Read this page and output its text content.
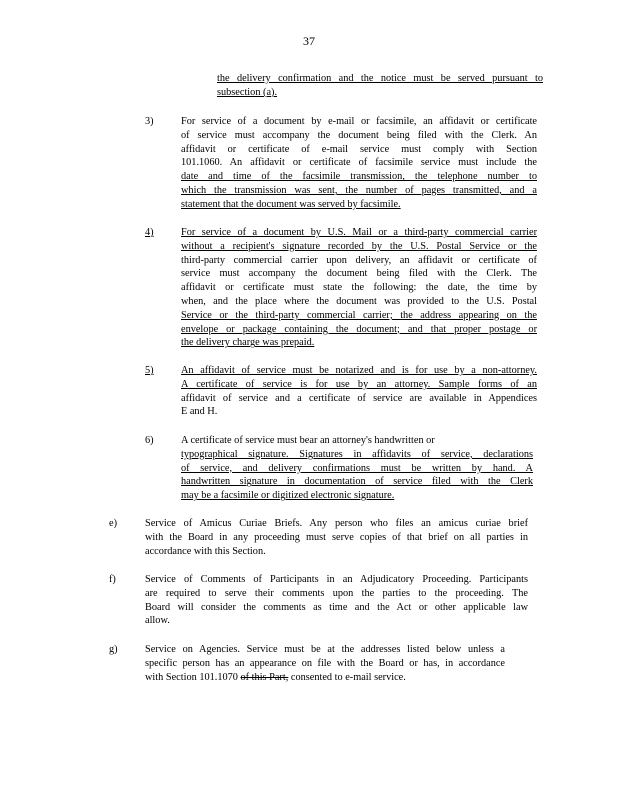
37
the delivery confirmation and the notice must be served pursuant to
subsection (a).
3)	For service of a document by e-mail or facsimile, an affidavit or certificate
of service must accompany the document being filed with the Clerk. An
affidavit or certificate of e-mail service must comply with Section
101.1060. An affidavit or certificate of facsimile service must include the
date and time of the facsimile transmission, the telephone number to
which the transmission was sent, the number of pages transmitted, and a
statement that the document was served by facsimile.
4)	For service of a document by U.S. Mail or a third-party commercial carrier
without a recipient's signature recorded by the U.S. Postal Service or the
third-party commercial carrier upon delivery, an affidavit or certificate of
service must accompany the document being filed with the Clerk. The
affidavit or certificate must state the following: the date, the time by
when, and the place where the document was provided to the U.S. Postal
Service or the third-party commercial carrier; the address appearing on the
envelope or package containing the document; and that proper postage or
the delivery charge was prepaid.
5)	An affidavit of service must be notarized and is for use by a non-attorney.
A certificate of service is for use by an attorney. Sample forms of an
affidavit of service and a certificate of service are available in Appendices
E and H.
6)	A certificate of service must bear an attorney's handwritten or
typographical signature. Signatures in affidavits of service, declarations
of service, and delivery confirmations must be written by hand. A
handwritten signature in documentation of service filed with the Clerk
may be a facsimile or digitized electronic signature.
e)	Service of Amicus Curiae Briefs. Any person who files an amicus curiae brief
with the Board in any proceeding must serve copies of that brief on all parties in
accordance with this Section.
f)	Service of Comments of Participants in an Adjudicatory Proceeding. Participants
are required to serve their comments upon the parties to the proceeding. The
Board will consider the comments as time and the Act or other applicable law
allow.
g)	Service on Agencies. Service must be at the addresses listed below unless a
specific person has an appearance on file with the Board or has, in accordance
with Section 101.1070 of this Part, consented to e-mail service.
